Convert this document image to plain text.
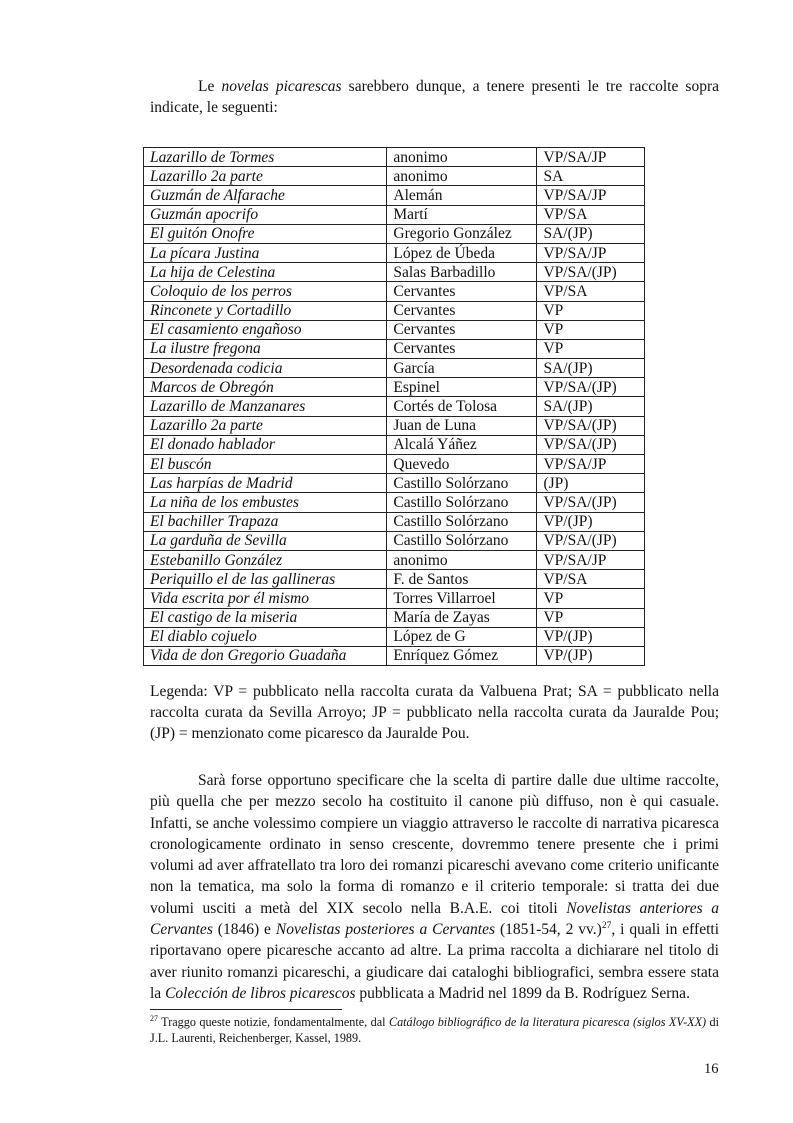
Le novelas picarescas sarebbero dunque, a tenere presenti le tre raccolte sopra indicate, le seguenti:

Lazarillo de Tormes	anonimo	VP/SA/JP
Lazarillo 2a parte	anonimo	SA
Guzmán de Alfarache	Alemán	VP/SA/JP
Guzmán apocrifo	Martí	VP/SA
El guitón Onofre	Gregorio González	SA/(JP)
La pícara Justina	López de Úbeda	VP/SA/JP
La hija de Celestina	Salas Barbadillo	VP/SA/(JP)
Coloquio de los perros	Cervantes	VP/SA
Rinconete y Cortadillo	Cervantes	VP
El casamiento engañoso	Cervantes	VP
La ilustre fregona	Cervantes	VP
Desordenada codicia	García	SA/(JP)
Marcos de Obregón	Espinel	VP/SA/(JP)
Lazarillo de Manzanares	Cortés de Tolosa	SA/(JP)
Lazarillo 2a parte	Juan de Luna	VP/SA/(JP)
El donado hablador	Alcalá Yáñez	VP/SA/(JP)
El buscón	Quevedo	VP/SA/JP
Las harpías de Madrid	Castillo Solórzano	(JP)
La niña de los embustes	Castillo Solórzano	VP/SA/(JP)
El bachiller Trapaza	Castillo Solórzano	VP/(JP)
La garduña de Sevilla	Castillo Solórzano	VP/SA/(JP)
Estebanillo González	anonimo	VP/SA/JP
Periquillo el de las gallineras	F. de Santos	VP/SA
Vida escrita por él mismo	Torres Villarroel	VP
El castigo de la miseria	María de Zayas	VP
El diablo cojuelo	López de G	VP/(JP)
Vida de don Gregorio Guadaña	Enríquez Gómez	VP/(JP)

Legenda: VP = pubblicato nella raccolta curata da Valbuena Prat; SA = pubblicato nella raccolta curata da Sevilla Arroyo; JP = pubblicato nella raccolta curata da Jauralde Pou; (JP) = menzionato come picaresco da Jauralde Pou.

Sarà forse opportuno specificare che la scelta di partire dalle due ultime raccolte, più quella che per mezzo secolo ha costituito il canone più diffuso, non è qui casuale. Infatti, se anche volessimo compiere un viaggio attraverso le raccolte di narrativa picaresca cronologicamente ordinato in senso crescente, dovremmo tenere presente che i primi volumi ad aver affratellato tra loro dei romanzi picareschi avevano come criterio unificante non la tematica, ma solo la forma di romanzo e il criterio temporale: si tratta dei due volumi usciti a metà del XIX secolo nella B.A.E. coi titoli Novelistas anteriores a Cervantes (1846) e Novelistas posteriores a Cervantes (1851-54, 2 vv.)$^{27}$, i quali in effetti riportavano opere picaresche accanto ad altre. La prima raccolta a dichiarare nel titolo di aver riunito romanzi picareschi, a giudicare dai cataloghi bibliografici, sembra essere stata la Colección de libros picarescos pubblicata a Madrid nel 1899 da B. Rodríguez Serna.

$^{27}$ Traggo queste notizie, fondamentalmente, dal Catálogo bibliográfico de la literatura picaresca (siglos XV-XX) di J.L. Laurenti, Reichenberger, Kassel, 1989.

16
